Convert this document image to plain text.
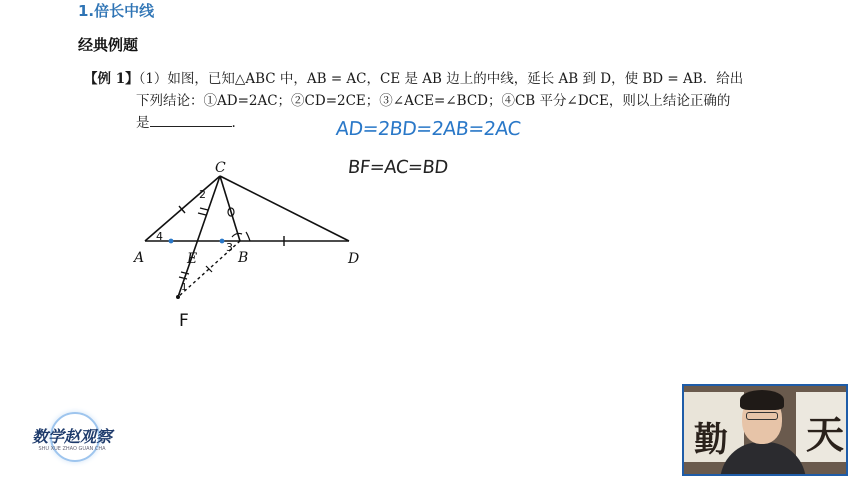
1.倍长中线
经典例题
【例 1】（1）如图，已知△ABC 中，AB = AC，CE 是 AB 边上的中线，延长 AB 到 D，使 BD = AB．给出
下列结论：①AD=2AC；②CD=2CE；③∠ACE=∠BCD；④CB 平分∠DCE，则以上结论正确的
是	.	AD=2BD=2AB=2AC
BF=AC=BD
C
A	E	B	D
F
2
4
3
1
数学赵观察
SHU XUE ZHAO GUAN CHA	勤 天
